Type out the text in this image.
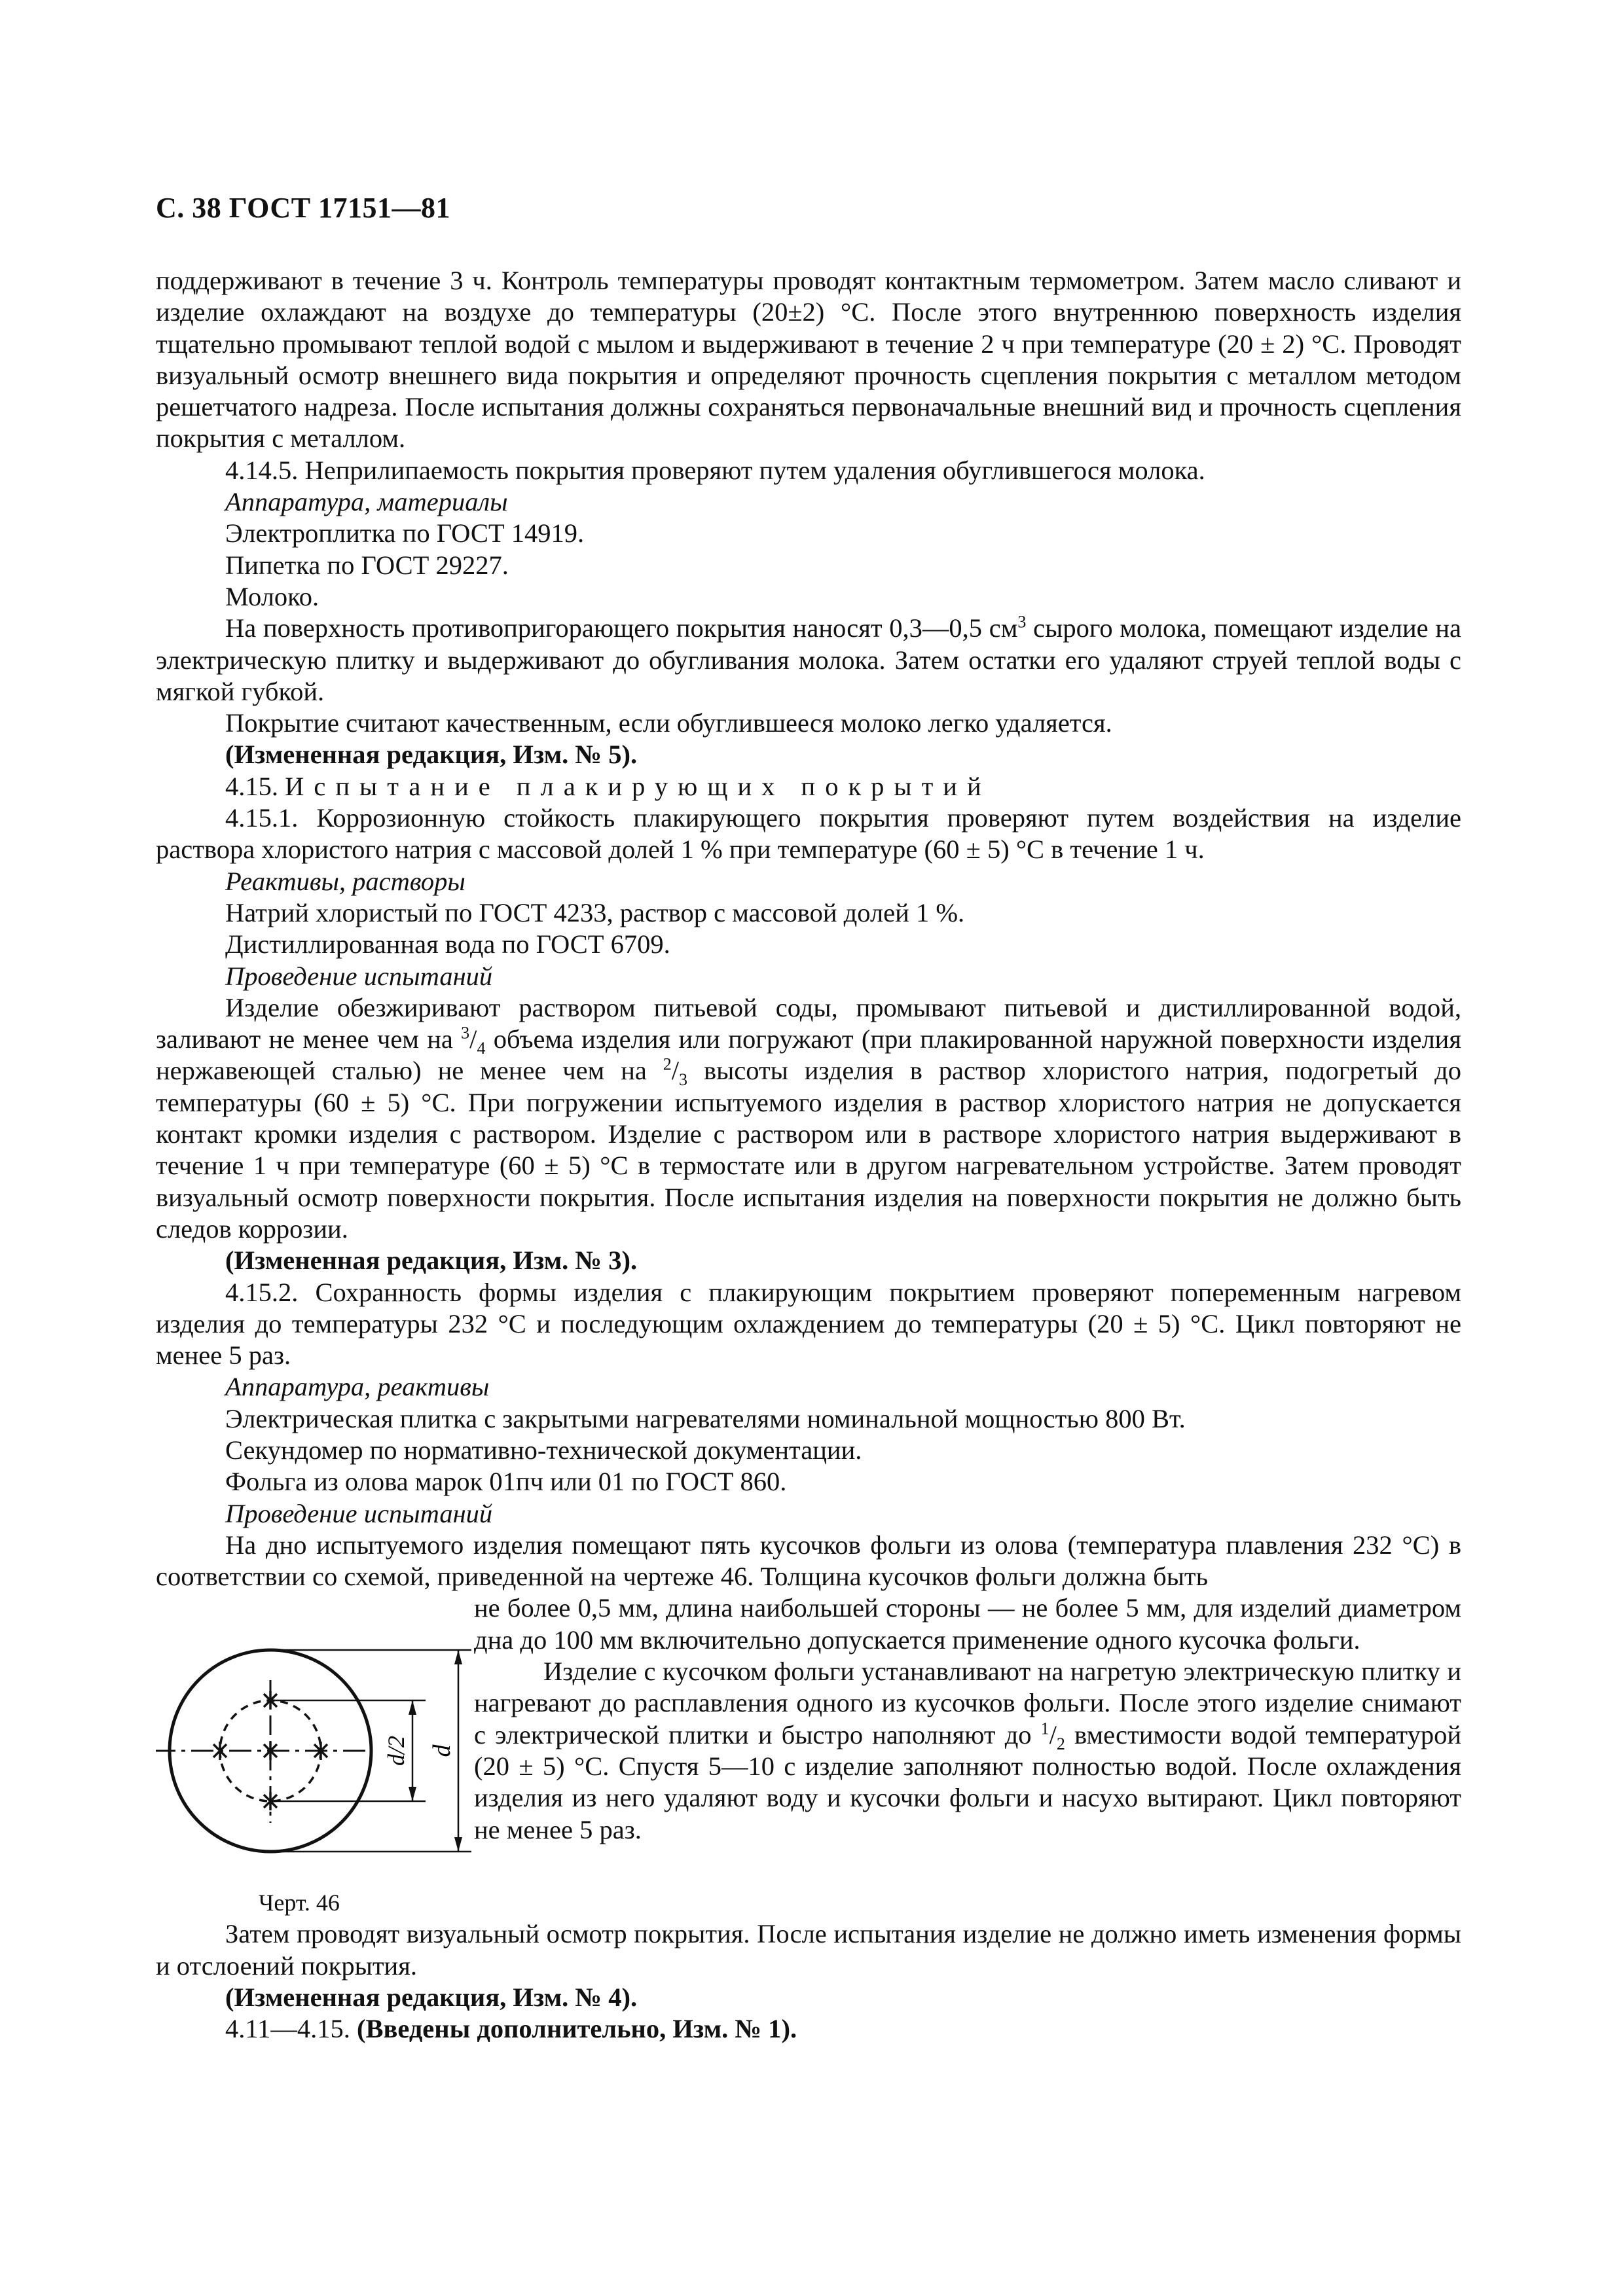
С. 38 ГОСТ 17151—81

поддерживают в течение 3 ч. Контроль температуры проводят контактным термометром. Затем масло сливают и изделие охлаждают на воздухе до температуры (20±2) °С. После этого внутреннюю поверхность изделия тщательно промывают теплой водой с мылом и выдерживают в течение 2 ч при температуре (20 ± 2) °С. Проводят визуальный осмотр внешнего вида покрытия и определяют прочность сцепления покрытия с металлом методом решетчатого надреза. После испытания должны сохраняться первоначальные внешний вид и прочность сцепления покрытия с металлом.

4.14.5. Неприлипаемость покрытия проверяют путем удаления обуглившегося молока.

Аппаратура, материалы

Электроплитка по ГОСТ 14919.

Пипетка по ГОСТ 29227.

Молоко.

На поверхность противопригорающего покрытия наносят 0,3—0,5 $см^3$ сырого молока, помещают изделие на электрическую плитку и выдерживают до обугливания молока. Затем остатки его удаляют струей теплой воды с мягкой губкой.

Покрытие считают качественным, если обуглившееся молоко легко удаляется.

(Измененная редакция, Изм. № 5).

4.15. Испытание плакирующих покрытий

4.15.1. Коррозионную стойкость плакирующего покрытия проверяют путем воздействия на изделие раствора хлористого натрия с массовой долей 1 % при температуре (60 ± 5) °С в течение 1 ч.

Реактивы, растворы

Натрий хлористый по ГОСТ 4233, раствор с массовой долей 1 %.

Дистиллированная вода по ГОСТ 6709.

Проведение испытаний

Изделие обезжиривают раствором питьевой соды, промывают питьевой и дистиллированной водой, заливают не менее чем на $^3/_4$ объема изделия или погружают (при плакированной наружной поверхности изделия нержавеющей сталью) не менее чем на $^2/_3$ высоты изделия в раствор хлористого натрия, подогретый до температуры (60 ± 5) °С. При погружении испытуемого изделия в раствор хлористого натрия не допускается контакт кромки изделия с раствором. Изделие с раствором или в растворе хлористого натрия выдерживают в течение 1 ч при температуре (60 ± 5) °С в термостате или в другом нагревательном устройстве. Затем проводят визуальный осмотр поверхности покрытия. После испытания изделия на поверхности покрытия не должно быть следов коррозии.

(Измененная редакция, Изм. № 3).

4.15.2. Сохранность формы изделия с плакирующим покрытием проверяют попеременным нагревом изделия до температуры 232 °С и последующим охлаждением до температуры (20 ± 5) °С. Цикл повторяют не менее 5 раз.

Аппаратура, реактивы

Электрическая плитка с закрытыми нагревателями номинальной мощностью 800 Вт.

Секундомер по нормативно-технической документации.

Фольга из олова марок 01пч или 01 по ГОСТ 860.

Проведение испытаний

На дно испытуемого изделия помещают пять кусочков фольги из олова (температура плавления 232 °С) в соответствии со схемой, приведенной на чертеже 46. Толщина кусочков фольги должна быть

d/2 d
Черт. 46

не более 0,5 мм, длина наибольшей стороны — не более 5 мм, для изделий диаметром дна до 100 мм включительно допускается применение одного кусочка фольги.

Изделие с кусочком фольги устанавливают на нагретую электрическую плитку и нагревают до расплавления одного из кусочков фольги. После этого изделие снимают с электрической плитки и быстро наполняют до $^1/_2$ вместимости водой температурой (20 ± 5) °С. Спустя 5—10 с изделие заполняют полностью водой. После охлаждения изделия из него удаляют воду и кусочки фольги и насухо вытирают. Цикл повторяют не менее 5 раз.

Затем проводят визуальный осмотр покрытия. После испытания изделие не должно иметь изменения формы и отслоений покрытия.

(Измененная редакция, Изм. № 4).

4.11—4.15. (Введены дополнительно, Изм. № 1).
